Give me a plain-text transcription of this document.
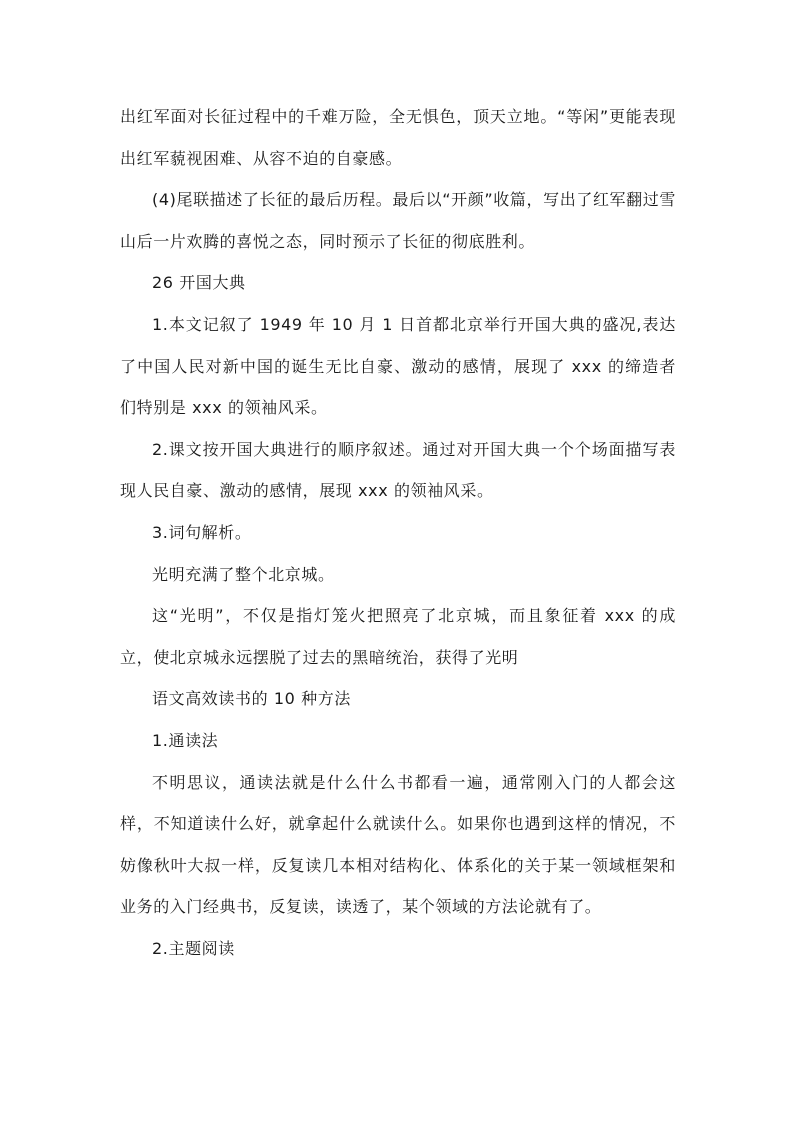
出红军面对长征过程中的千难万险，全无惧色，顶天立地。“等闲”更能表现出红军藐视困难、从容不迫的自豪感。

(4)尾联描述了长征的最后历程。最后以“开颜”收篇，写出了红军翻过雪山后一片欢腾的喜悦之态，同时预示了长征的彻底胜利。

26 开国大典

1.本文记叙了 1949 年 10 月 1 日首都北京举行开国大典的盛况,表达了中国人民对新中国的诞生无比自豪、激动的感情，展现了 xxx 的缔造者们特别是 xxx 的领袖风采。

2.课文按开国大典进行的顺序叙述。通过对开国大典一个个场面描写表现人民自豪、激动的感情，展现 xxx 的领袖风采。

3.词句解析。

光明充满了整个北京城。

这“光明”，不仅是指灯笼火把照亮了北京城，而且象征着 xxx 的成立，使北京城永远摆脱了过去的黑暗统治，获得了光明

语文高效读书的 10 种方法

1.通读法

不明思议，通读法就是什么什么书都看一遍，通常刚入门的人都会这样，不知道读什么好，就拿起什么就读什么。如果你也遇到这样的情况，不妨像秋叶大叔一样，反复读几本相对结构化、体系化的关于某一领域框架和业务的入门经典书，反复读，读透了，某个领域的方法论就有了。

2.主题阅读
